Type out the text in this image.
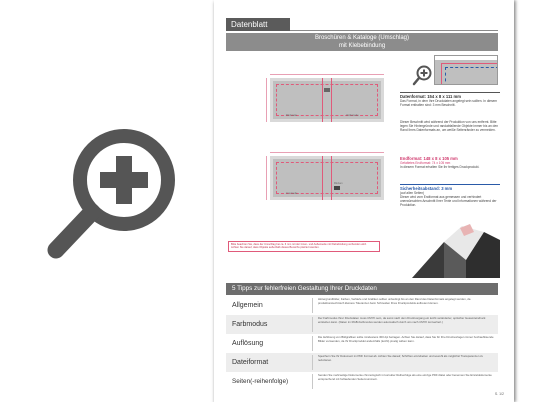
Datenblatt
Broschüren & Kataloge (Umschlag)
mit Klebebindung
Rückseite	Vorderseite
Innenseite
Rücken
Bitte beachten Sie, dass der Umschlag bei ca. 6 mm mit der Innen- und Außenseite mit Klebebindung verbunden wird.
Achten Sie darauf, dass Objekte außerhalb dieses Bereichs platziert werden.
Datenformat: 154 x 8 x 111 mm
Das Format, in dem Ihre Druckdaten angelegt sein sollten. In diesem Format enthalten sind: 3 mm Beschnitt.
Dieser Beschnitt wird während der Produktion von uns entfernt. Bitte legen Sie Hintergründe und randabfallende Objekte immer bis an den Rand Ihres Datenformats an, um weiße Seitenränder zu vermeiden.
Endformat: 148 x 8 x 105 mm
Gefaltetes Endformat: 74 x 105 mm
In diesem Format erhalten Sie Ihr fertiges Druckprodukt.
Sicherheitsabstand: 3 mm
(auf allen Seiten)
Dieser wird vom Endformat aus gemessen und verhindert unerwünschten Anschnitt Ihrer Texte und Informationen während der Produktion.
5 Tipps zur fehlerfreien Gestaltung Ihrer Druckdaten
Allgemein
Hintergrundbilder, Farben, Verläufe und Grafiken sollten unbedingt bis an den Rand des Datenformats angelegt werden, da produktionstechnisch kleinere Toleranzen beim Schneiden Ihres Druckprodukts auftreten können.
Farbmodus
Der Farbmodus Ihrer Druckdaten muss CMYK sein, da sonst nach dem Druckvorgang ein leicht veränderter, optischer Gesamteindruck entstehen kann. (Daten im RGB-Farbmodus werden automatisch durch uns nach CMYK konvertiert.)
Auflösung
Die Auflösung von Bildgrafiken sollte mindestens 300 dpi betragen. Achten Sie darauf, dass Sie für Ihre Druckvorlagen immer hochauflösende Bilder verwenden, da Ihr Druckprodukt andernfalls (leicht) pixelig wirken kann.
Dateiformat
Speichern Sie Ihr Dokument im PDF Format ab. Achten Sie darauf, Schriften einzubetten und sowohl als möglichst Transparenzen zu reduzieren.
Seiten(-reihenfolge)
Senden Sie mehrseitige Dokumente chronologisch in korrekter Reihenfolge als eine einzige PDF-Datei oder benennen Sie Einzeldokumente entsprechend mit fortlaufenden Seitennummern.
S. 1/2
